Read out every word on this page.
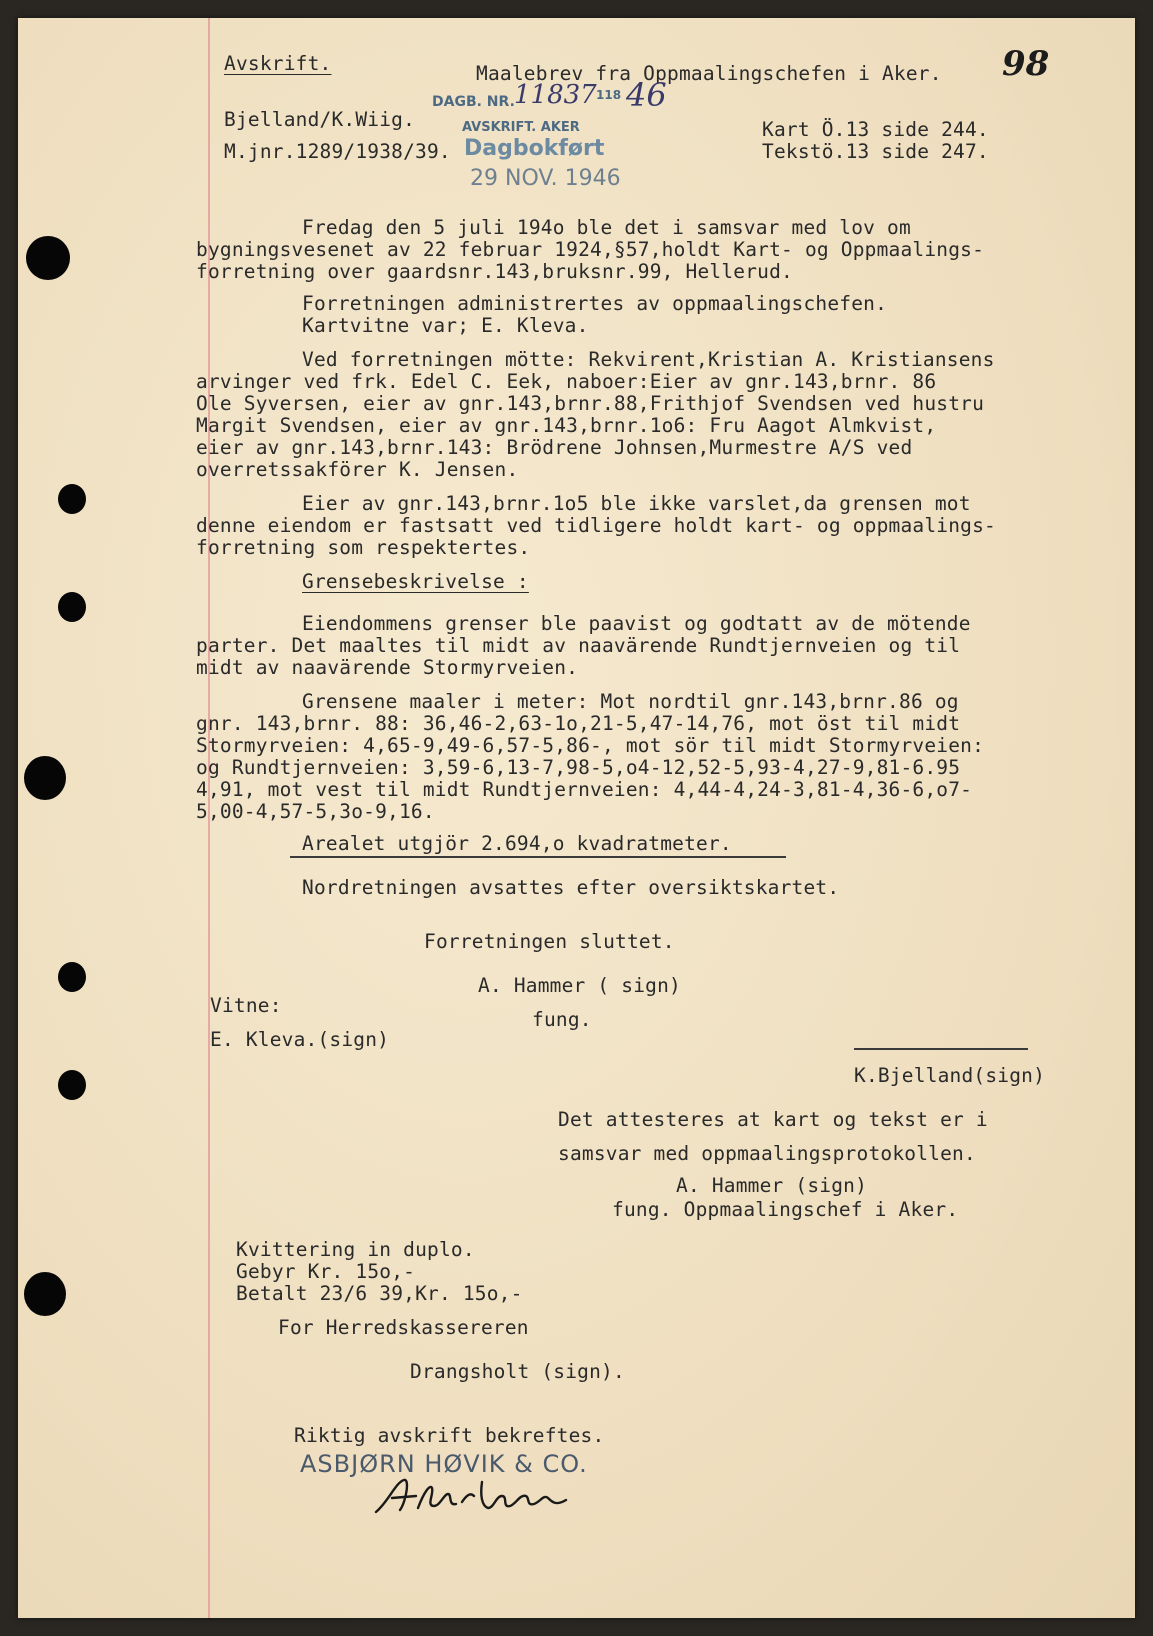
Avskrift.

Bjelland/K.Wiig.

M.jnr.1289/1938/39.

Maalebrev fra Oppmaalingschefen i Aker. 98

Kart Ö.13 side 244.

Tekstö.13 side 247.

DAGB. NR. 11837 118 46
AVSKRIFT. AKER
Dagbokført
29 NOV. 1946

Fredag den 5 juli 194o ble det i samsvar med lov om

bygningsvesenet av 22 februar 1924,§57,holdt Kart- og Oppmaalings-

forretning over gaardsnr.143,bruksnr.99, Hellerud.

Forretningen administrertes av oppmaalingschefen.

Kartvitne var; E. Kleva.

Ved forretningen mötte: Rekvirent,Kristian A. Kristiansens

arvinger ved frk. Edel C. Eek, naboer:Eier av gnr.143,brnr. 86

Ole Syversen, eier av gnr.143,brnr.88,Frithjof Svendsen ved hustru

Margit Svendsen, eier av gnr.143,brnr.1o6: Fru Aagot Almkvist,

eier av gnr.143,brnr.143: Brödrene Johnsen,Murmestre A/S ved

overretssakförer K. Jensen.

Eier av gnr.143,brnr.1o5 ble ikke varslet,da grensen mot

denne eiendom er fastsatt ved tidligere holdt kart- og oppmaalings-

forretning som respektertes.

Grensebeskrivelse :

Eiendommens grenser ble paavist og godtatt av de mötende

parter. Det maaltes til midt av naavärende Rundtjernveien og til

midt av naavärende Stormyrveien.

Grensene maaler i meter: Mot nordtil gnr.143,brnr.86 og

gnr. 143,brnr. 88: 36,46-2,63-1o,21-5,47-14,76, mot öst til midt

Stormyrveien: 4,65-9,49-6,57-5,86-, mot sör til midt Stormyrveien:

og Rundtjernveien: 3,59-6,13-7,98-5,o4-12,52-5,93-4,27-9,81-6.95

4,91, mot vest til midt Rundtjernveien: 4,44-4,24-3,81-4,36-6,o7-

5,00-4,57-5,3o-9,16.

Arealet utgjör 2.694,o kvadratmeter.

Nordretningen avsattes efter oversiktskartet.

Forretningen sluttet.

A. Hammer ( sign)

Vitne:

fung.

E. Kleva.(sign)

K.Bjelland(sign)

Det attesteres at kart og tekst er i

samsvar med oppmaalingsprotokollen.

A. Hammer (sign)

fung. Oppmaalingschef i Aker.

Kvittering in duplo.

Gebyr Kr. 15o,-

Betalt 23/6 39,Kr. 15o,-

For Herredskassereren

Drangsholt (sign).

Riktig avskrift bekreftes.

ASBJØRN HØVIK & CO.
